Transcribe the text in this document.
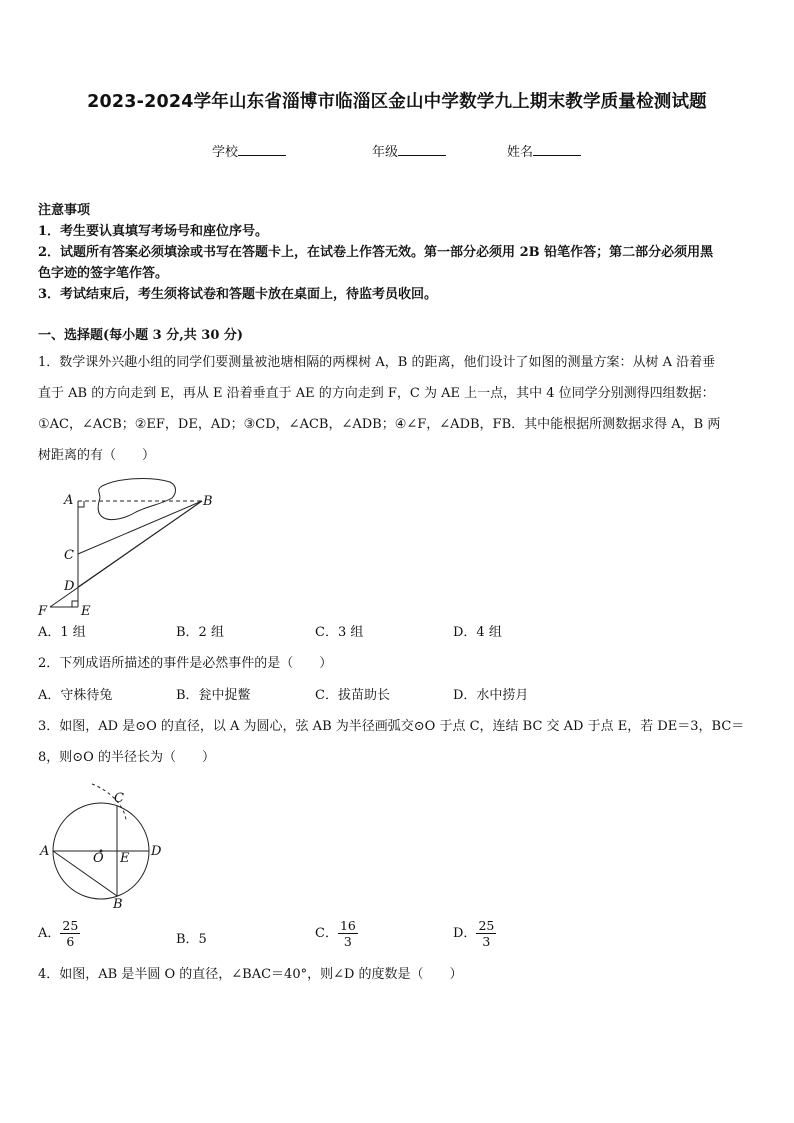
2023-2024学年山东省淄博市临淄区金山中学数学九上期末教学质量检测试题
学校	年级	姓名
注意事项
1．考生要认真填写考场号和座位序号。
2．试题所有答案必须填涂或书写在答题卡上，在试卷上作答无效。第一部分必须用 2B 铅笔作答；第二部分必须用黑
色字迹的签字笔作答。
3．考试结束后，考生须将试卷和答题卡放在桌面上，待监考员收回。
一、选择题(每小题 3 分,共 30 分)
1．数学课外兴趣小组的同学们要测量被池塘相隔的两棵树 A，B 的距离，他们设计了如图的测量方案：从树 A 沿着垂
直于 AB 的方向走到 E，再从 E 沿着垂直于 AE 的方向走到 F，C 为 AE 上一点，其中 4 位同学分别测得四组数据：
①AC，∠ACB；②EF，DE，AD；③CD，∠ACB，∠ADB；④∠F，∠ADB，FB．其中能根据所测数据求得 A，B 两
树距离的有（　　）
A	B
C
D
E
F
A．1 组	B．2 组	C．3 组	D．4 组
2．下列成语所描述的事件是必然事件的是（　　）
A．守株待兔	B．瓮中捉鳖	C．拔苗助长	D．水中捞月
3．如图，AD 是⊙O 的直径，以 A 为圆心，弦 AB 为半径画弧交⊙O 于点 C，连结 BC 交 AD 于点 E，若 DE＝3，BC＝
8，则⊙O 的半径长为（　　）
A
B
C
D
E
O
A． $\frac{25}{6}$	B．5	C． $\frac{16}{3}$	D． $\frac{25}{3}$
4．如图，AB 是半圆 O 的直径，∠BAC＝40°，则∠D 的度数是（　　）
